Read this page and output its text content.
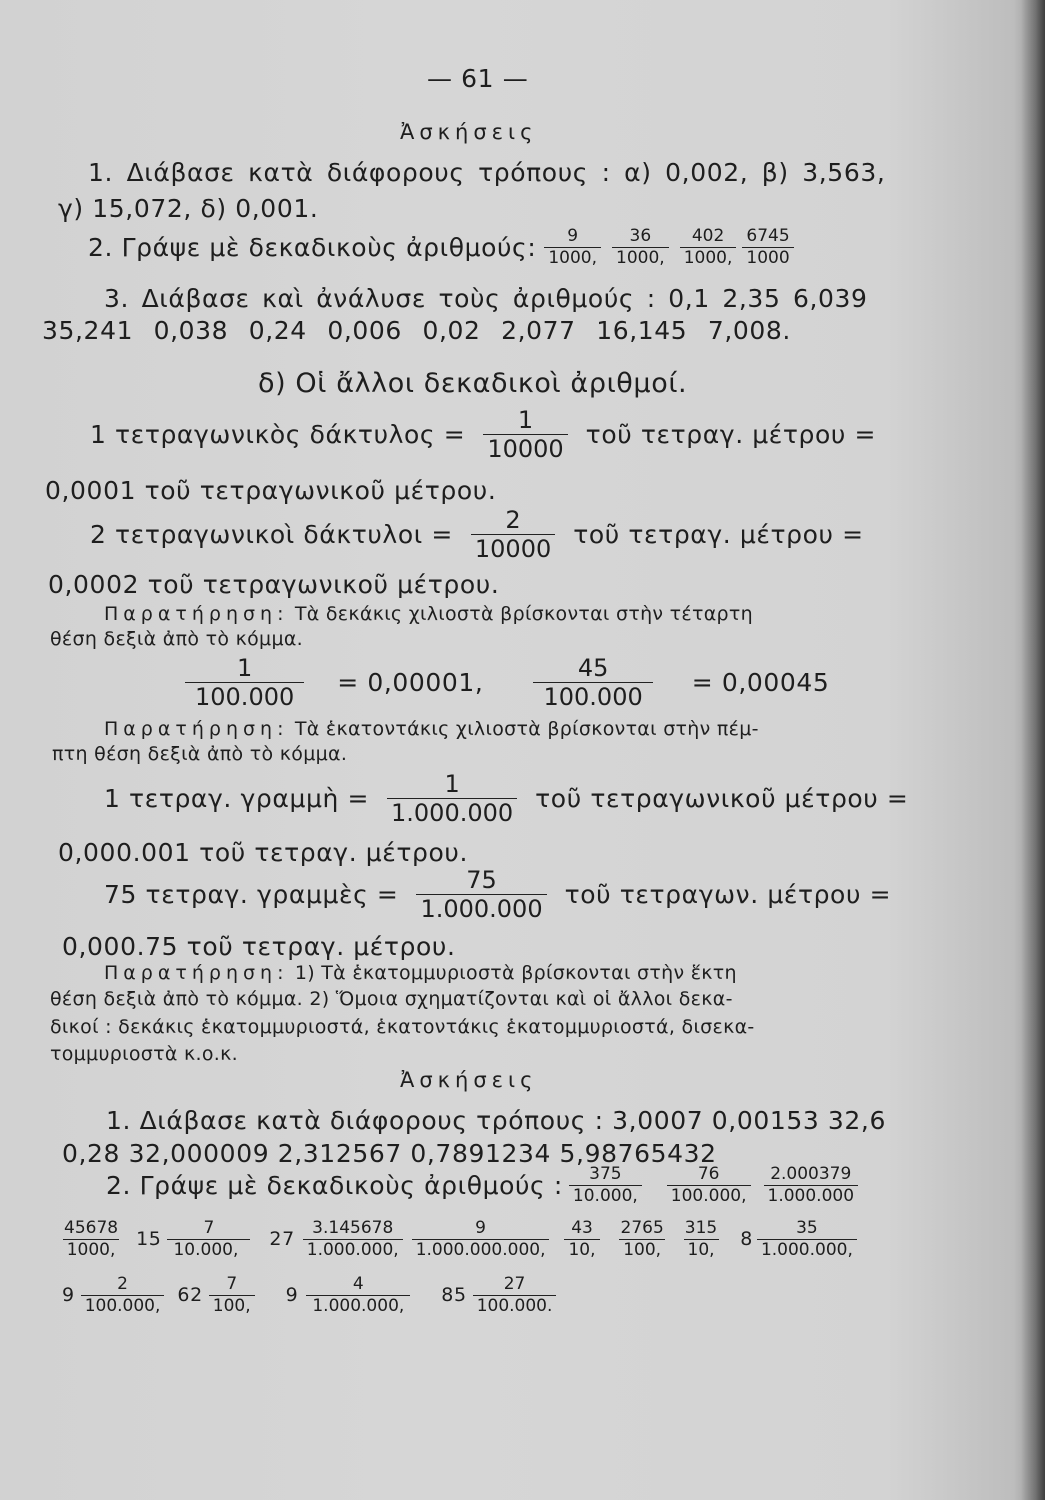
— 61 —
Ἀσκήσεις
1. Διάβασε κατὰ διάφορους τρόπους : α) 0,002, β) 3,563,
γ) 15,072, δ) 0,001.
2. Γράψε μὲ δεκαδικοὺς ἀριθμούς: $\frac{9}{1000,} \frac{36}{1000,} \frac{402}{1000,} \frac{6745}{1000}$
3. Διάβασε καὶ ἀνάλυσε τοὺς ἀριθμούς : 0,1 2,35 6,039
35,241 0,038 0,24 0,006 0,02 2,077 16,145 7,008.
δ) Οἱ ἄλλοι δεκαδικοὶ ἀριθμοί.
1 τετραγωνικὸς $\delta ά\kappa\tau\upsilon\lambda o\varsigma = \frac{1}{10000}$ τοῦ τετραγ. μέτρου =
0,0001 τοῦ τετραγωνικοῦ μέτρου.
2 τετραγωνικοὶ $\delta ά\kappa\tau\upsilon\lambda o\iota = \frac{2}{10000}$ τοῦ τετραγ. μέτρου =
0,0002 τοῦ τετραγωνικοῦ μέτρου.
Παρατήρηση: Τὰ δεκάκις χιλιοστὰ βρίσκονται στὴν τέταρτη
θέση δεξιὰ ἀπὸ τὸ κόμμα.
$\frac{1}{100.000} = 0,00001$, $\frac{45}{100.000} = 0,00045$
Παρατήρηση: Τὰ ἑκατοντάκις χιλιοστὰ βρίσκονται στὴν πέμ-
πτη θέση δεξιὰ ἀπὸ τὸ κόμμα.
1 τετραγ. γραμμὴ = $\frac{1}{1.000.000}$ τοῦ τετραγωνικοῦ μέτρου =
0,000.001 τοῦ τετραγ. μέτρου.
75 τετραγ. γραμμὲς = $\frac{75}{1.000.000}$ τοῦ τετραγων. μέτρου =
0,000.75 τοῦ τετραγ. μέτρου.
Παρατήρηση: 1) Τὰ ἑκατομμυριοστὰ βρίσκονται στὴν ἕκτη
θέση δεξιὰ ἀπὸ τὸ κόμμα. 2) Ὅμοια σχηματίζονται καὶ οἱ ἄλλοι δεκα-
δικοί : δεκάκις ἑκατομμυριοστά, ἑκατοντάκις ἑκατομμυριοστά, δισεκα-
τομμυριοστὰ κ.ο.κ.
Ἀσκήσεις
1. Διάβασε κατὰ διάφορους τρόπους : 3,0007 0,00153 32,6
0,28 32,000009 2,312567 0,7891234 5,98765432
2. Γράψε μὲ δεκαδικοὺς ἀριθμούς : $\frac{375}{10.000,} \frac{76}{100.000,} \frac{2.000379}{1.000.000}$
$\frac{45678}{1000,} 15 \frac{7}{10.000,} 27 \frac{3.145678}{1.000.000,} \frac{9}{1.000.000.000,} \frac{43}{10,} \frac{2765}{100,} \frac{315}{10,} 8 \frac{35}{1.000.000,}$
$9 \frac{2}{100.000,} 62 \frac{7}{100,} 9 \frac{4}{1.000.000,} 85 \frac{27}{100.000.}$
